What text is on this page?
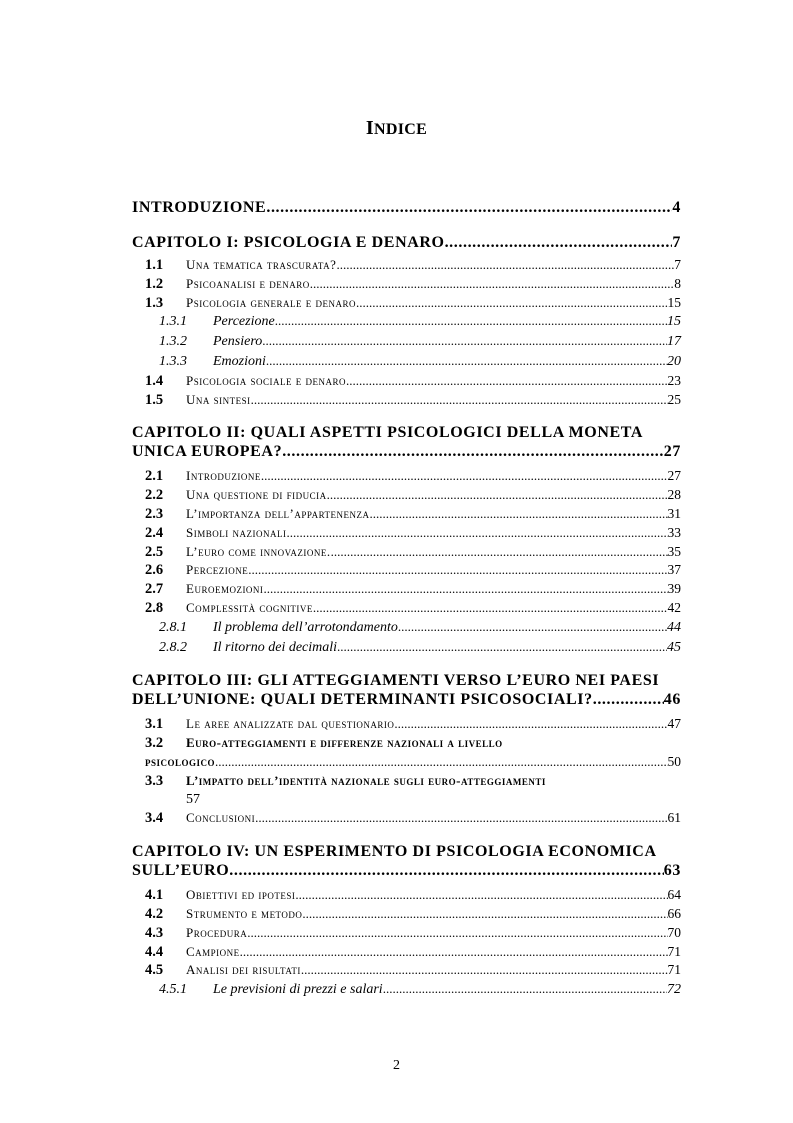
INDICE
INTRODUZIONE .....	4
CAPITOLO I: PSICOLOGIA E DENARO .....	7
1.1 Una tematica trascurata? .....	7
1.2 Psicoanalisi e denaro .....	8
1.3 Psicologia generale e denaro .....	15
1.3.1 Percezione .....	15
1.3.2 Pensiero .....	17
1.3.3 Emozioni .....	20
1.4 Psicologia sociale e denaro .....	23
1.5 Una sintesi .....	25
CAPITOLO II: QUALI ASPETTI PSICOLOGICI DELLA MONETA
UNICA EUROPEA? .....	27
2.1 Introduzione .....	27
2.2 Una questione di fiducia .....	28
2.3 L’importanza dell’appartenenza .....	31
2.4 Simboli nazionali .....	33
2.5 L’euro come innovazione. .....	35
2.6 Percezione .....	37
2.7 Euroemozioni .....	39
2.8 Complessità cognitive .....	42
2.8.1 Il problema dell’arrotondamento .....	44
2.8.2 Il ritorno dei decimali .....	45
CAPITOLO III: GLI ATTEGGIAMENTI VERSO L’EURO NEI PAESI
DELL’UNIONE: QUALI DETERMINANTI PSICOSOCIALI? .....	46
3.1 Le aree analizzate dal questionario .....	47
3.2 Euro-atteggiamenti e differenze nazionali a livello
psicologico .....	50
3.3 L’impatto dell’identità nazionale sugli euro-atteggiamenti
57
3.4 Conclusioni .....	61
CAPITOLO IV: UN ESPERIMENTO DI PSICOLOGIA ECONOMICA
SULL’EURO .....	63
4.1 Obiettivi ed ipotesi .....	64
4.2 Strumento e metodo .....	66
4.3 Procedura .....	70
4.4 Campione .....	71
4.5 Analisi dei risultati .....	71
4.5.1 Le previsioni di prezzi e salari .....	72
2
